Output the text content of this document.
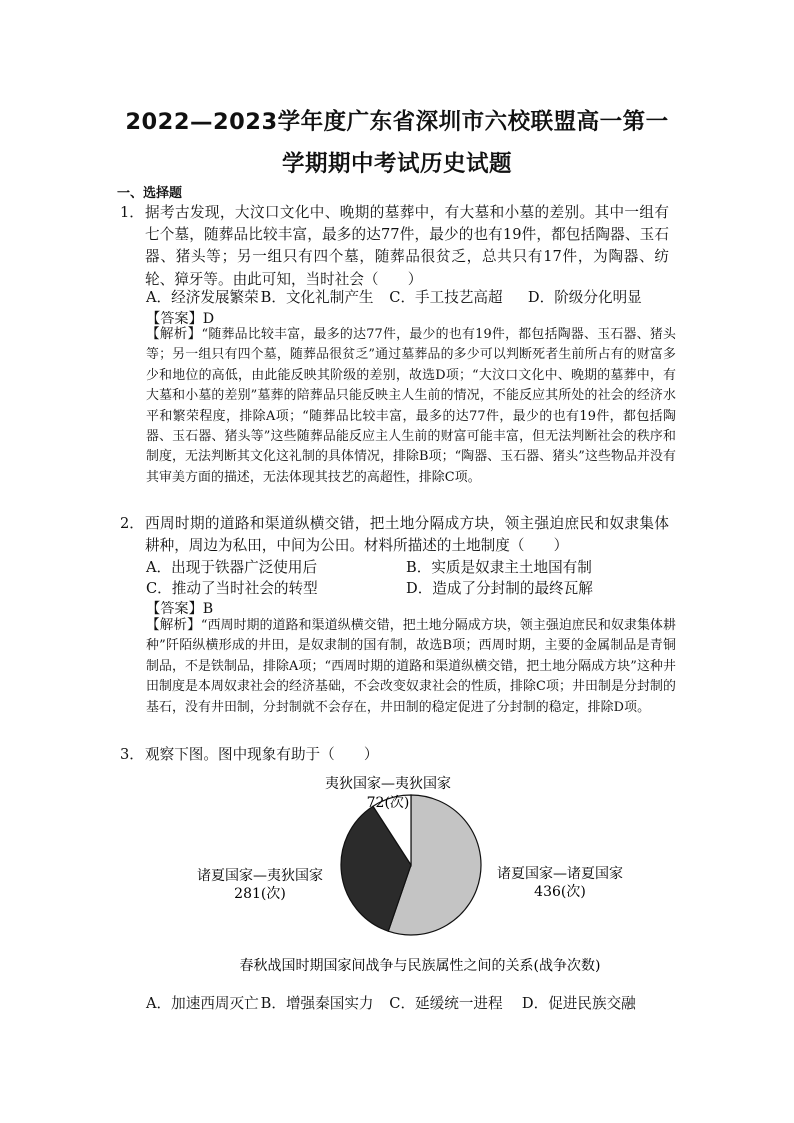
2022—2023学年度广东省深圳市六校联盟高一第一
学期期中考试历史试题
一、选择题
1． 据考古发现，大汶口文化中、晚期的墓葬中，有大墓和小墓的差别。其中一组有七个墓，随葬品比较丰富，最多的达77件，最少的也有19件，都包括陶器、玉石器、猪头等；另一组只有四个墓，随葬品很贫乏，总共只有17件，为陶器、纺轮、獐牙等。由此可知，当时社会（　　）
A．经济发展繁荣 B．文化礼制产生 C．手工技艺高超 D．阶级分化明显
【答案】D
【解析】“随葬品比较丰富，最多的达77件，最少的也有19件，都包括陶器、玉石器、猪头等；另一组只有四个墓，随葬品很贫乏”通过墓葬品的多少可以判断死者生前所占有的财富多少和地位的高低，由此能反映其阶级的差别，故选D项；“大汶口文化中、晚期的墓葬中，有大墓和小墓的差别”墓葬的陪葬品只能反映主人生前的情况，不能反应其所处的社会的经济水平和繁荣程度，排除A项；“随葬品比较丰富，最多的达77件，最少的也有19件，都包括陶器、玉石器、猪头等”这些随葬品能反应主人生前的财富可能丰富，但无法判断社会的秩序和制度，无法判断其文化这礼制的具体情况，排除B项；“陶器、玉石器、猪头”这些物品并没有其审美方面的描述，无法体现其技艺的高超性，排除C项。
2． 西周时期的道路和渠道纵横交错，把土地分隔成方块，领主强迫庶民和奴隶集体耕种，周边为私田，中间为公田。材料所描述的土地制度（　　）
A．出现于铁器广泛使用后	B．实质是奴隶主土地国有制
C．推动了当时社会的转型	D．造成了分封制的最终瓦解
【答案】B
【解析】“西周时期的道路和渠道纵横交错，把土地分隔成方块，领主强迫庶民和奴隶集体耕种”阡陌纵横形成的井田，是奴隶制的国有制，故选B项；西周时期，主要的金属制品是青铜制品，不是铁制品，排除A项；“西周时期的道路和渠道纵横交错，把土地分隔成方块”这种井田制度是本周奴隶社会的经济基础，不会改变奴隶社会的性质，排除C项；井田制是分封制的基石，没有井田制，分封制就不会存在，井田制的稳定促进了分封制的稳定，排除D项。
3． 观察下图。图中现象有助于（　　）
夷狄国家—夷狄国家
72(次)
诸夏国家—夷狄国家
281(次)
诸夏国家—诸夏国家
436(次)
春秋战国时期国家间战争与民族属性之间的关系(战争次数)
A．加速西周灭亡 B．增强秦国实力 C．延缓统一进程 D．促进民族交融
